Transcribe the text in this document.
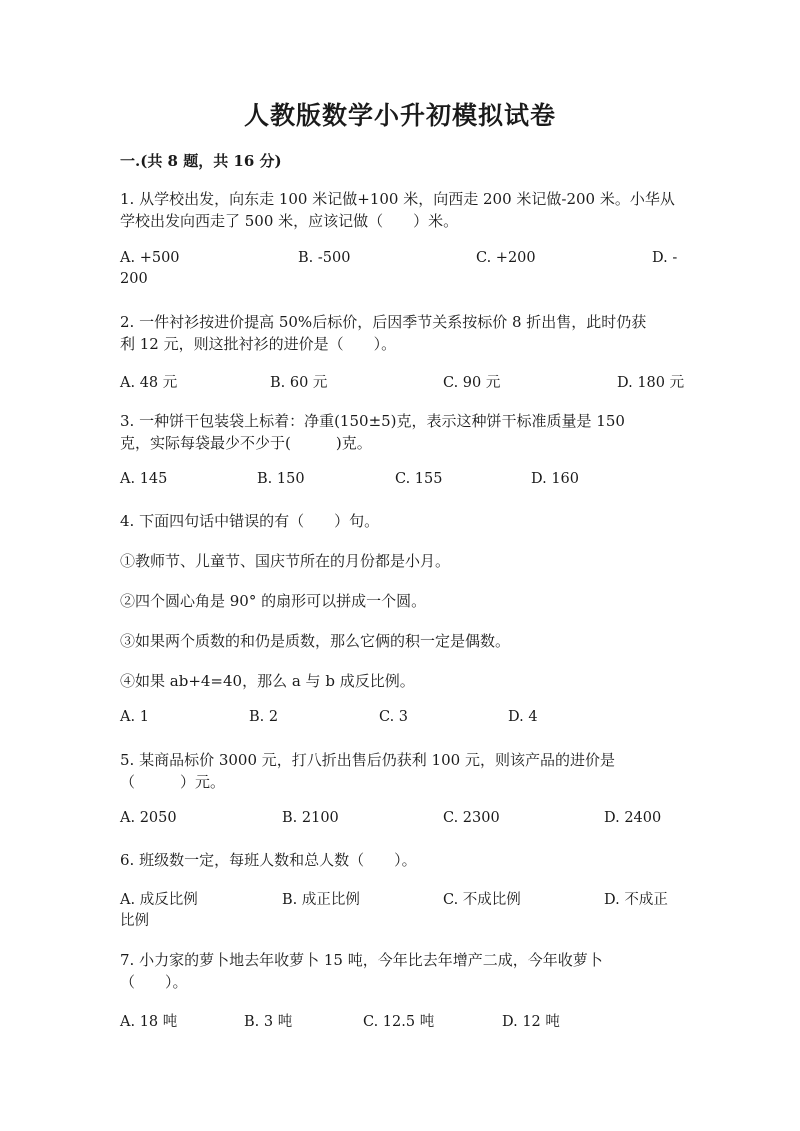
人教版数学小升初模拟试卷
一.(共 8 题，共 16 分)
1. 从学校出发，向东走 100 米记做+100 米，向西走 200 米记做-200 米。小华从
学校出发向西走了 500 米，应该记做（　　）米。
A. +500	B. -500	C. +200	D. -
200
2. 一件衬衫按进价提高 50%后标价，后因季节关系按标价 8 折出售，此时仍获
利 12 元，则这批衬衫的进价是（　　）。
A. 48 元	B. 60 元	C. 90 元	D. 180 元
3. 一种饼干包装袋上标着：净重(150±5)克，表示这种饼干标准质量是 150
克，实际每袋最少不少于(　　　)克。
A. 145	B. 150	C. 155	D. 160
4. 下面四句话中错误的有（　　）句。
①教师节、儿童节、国庆节所在的月份都是小月。
②四个圆心角是 90° 的扇形可以拼成一个圆。
③如果两个质数的和仍是质数，那么它俩的积一定是偶数。
④如果 ab+4=40，那么 a 与 b 成反比例。
A. 1	B. 2	C. 3	D. 4
5. 某商品标价 3000 元，打八折出售后仍获利 100 元，则该产品的进价是
（　　　）元。
A. 2050	B. 2100	C. 2300	D. 2400
6. 班级数一定，每班人数和总人数（　　）。
A. 成反比例	B. 成正比例	C. 不成比例	D. 不成正
比例
7. 小力家的萝卜地去年收萝卜 15 吨，今年比去年增产二成，今年收萝卜
（　　）。
A. 18 吨	B. 3 吨	C. 12.5 吨	D. 12 吨
